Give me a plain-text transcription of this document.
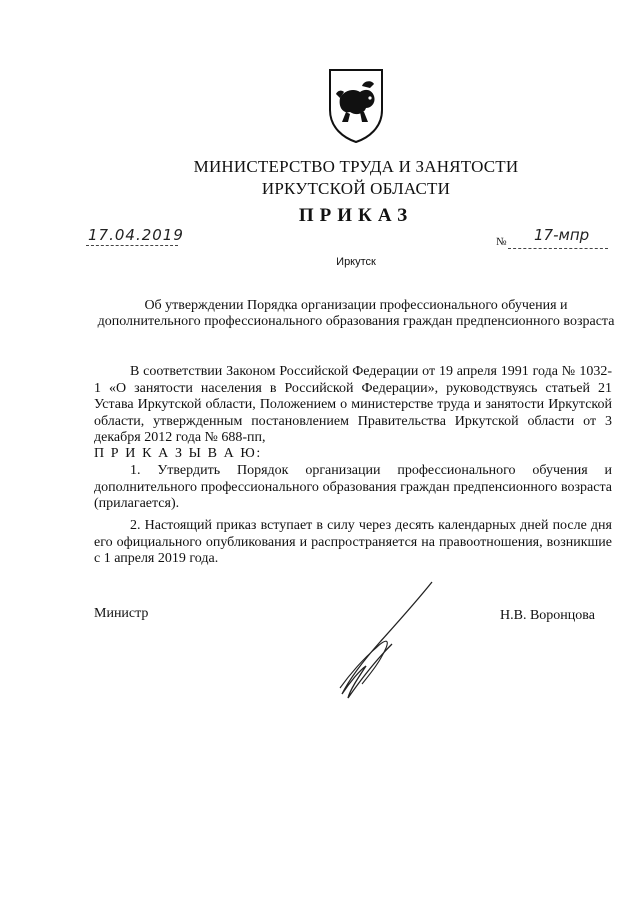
МИНИСТЕРСТВО ТРУДА И ЗАНЯТОСТИ
ИРКУТСКОЙ ОБЛАСТИ
ПРИКАЗ
17.04.2019	№ 17-мпр
Иркутск
Об утверждении Порядка организации профессионального обучения и дополнительного профессионального образования граждан предпенсионного возраста
В соответствии Законом Российской Федерации от 19 апреля 1991 года № 1032-1 «О занятости населения в Российской Федерации», руководствуясь статьей 21 Устава Иркутской области, Положением о министерстве труда и занятости Иркутской области, утвержденным постановлением Правительства Иркутской области от 3 декабря 2012 года № 688-пп,
П Р И К А З Ы В А Ю:
1. Утвердить Порядок организации профессионального обучения и дополнительного профессионального образования граждан предпенсионного возраста (прилагается).
2. Настоящий приказ вступает в силу через десять календарных дней после дня его официального опубликования и распространяется на правоотношения, возникшие с 1 апреля 2019 года.
Министр	Н.В. Воронцова
